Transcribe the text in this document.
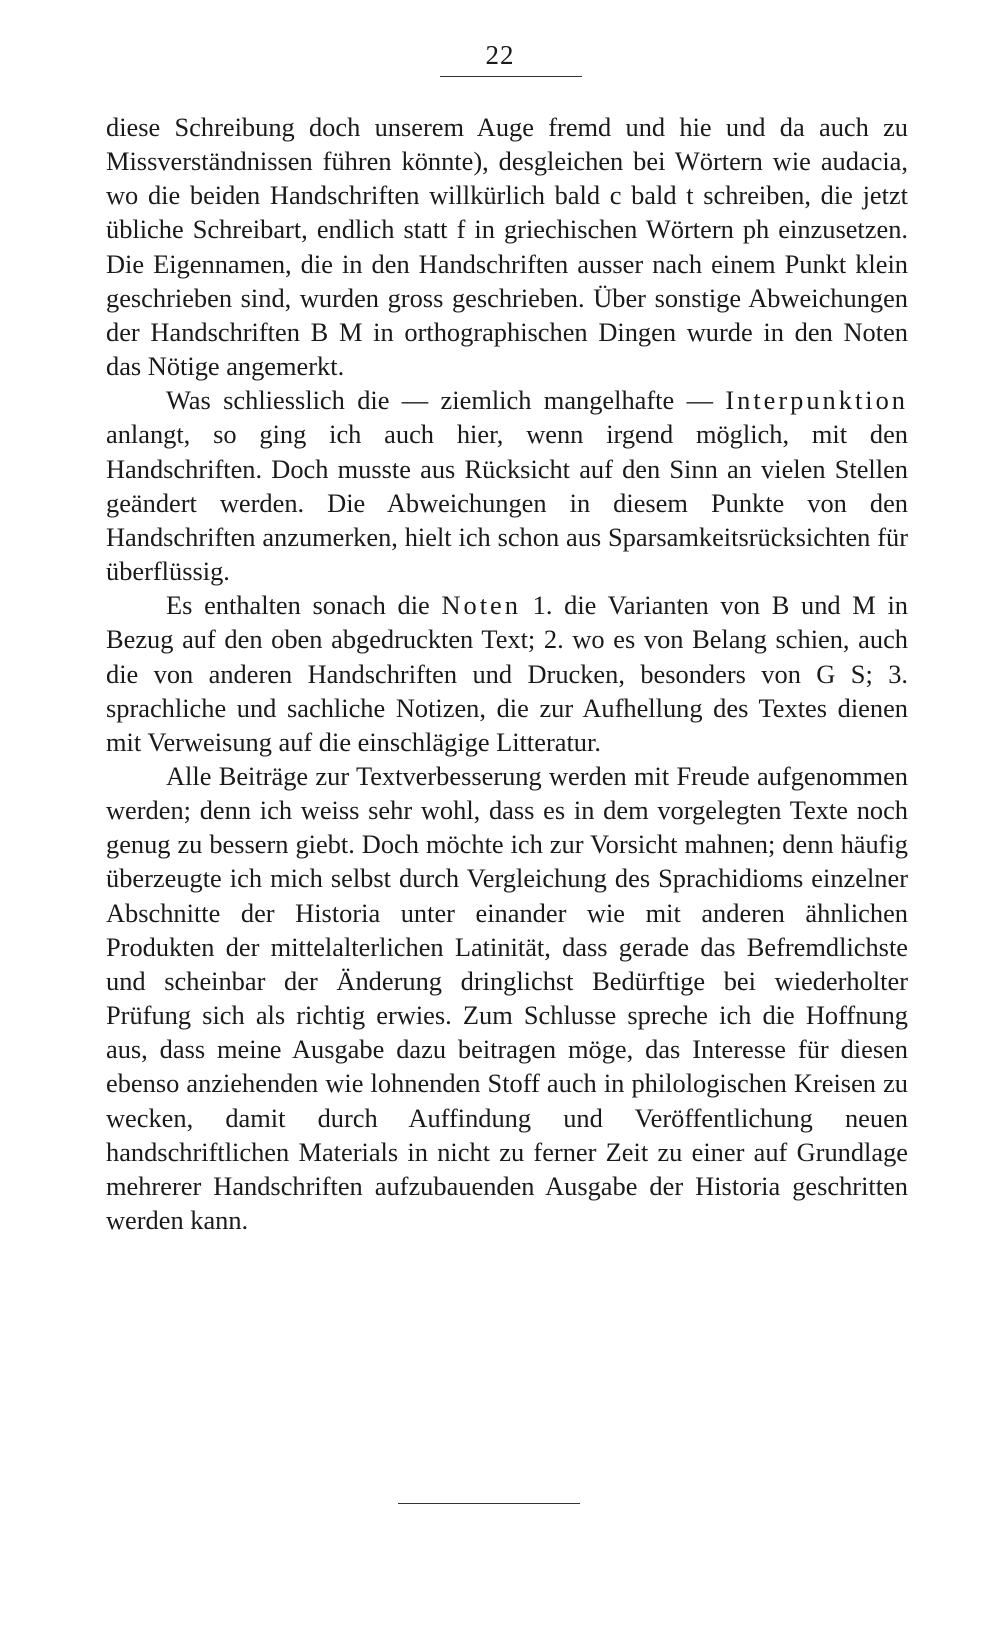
22

diese Schreibung doch unserem Auge fremd und hie und da auch zu Missverständnissen führen könnte), desgleichen bei Wörtern wie audacia, wo die beiden Handschriften willkürlich bald c bald t schreiben, die jetzt übliche Schreibart, endlich statt f in griechischen Wörtern ph einzusetzen. Die Eigennamen, die in den Handschriften ausser nach einem Punkt klein geschrieben sind, wurden gross geschrieben. Über sonstige Abweichungen der Handschriften B M in orthographischen Dingen wurde in den Noten das Nötige angemerkt.

Was schliesslich die — ziemlich mangelhafte — Interpunktion anlangt, so ging ich auch hier, wenn irgend möglich, mit den Handschriften. Doch musste aus Rücksicht auf den Sinn an vielen Stellen geändert werden. Die Abweichungen in diesem Punkte von den Handschriften anzumerken, hielt ich schon aus Sparsamkeitsrücksichten für überflüssig.

Es enthalten sonach die Noten 1. die Varianten von B und M in Bezug auf den oben abgedruckten Text; 2. wo es von Belang schien, auch die von anderen Handschriften und Drucken, besonders von G S; 3. sprachliche und sachliche Notizen, die zur Aufhellung des Textes dienen mit Verweisung auf die einschlägige Litteratur.

Alle Beiträge zur Textverbesserung werden mit Freude aufgenommen werden; denn ich weiss sehr wohl, dass es in dem vorgelegten Texte noch genug zu bessern giebt. Doch möchte ich zur Vorsicht mahnen; denn häufig überzeugte ich mich selbst durch Vergleichung des Sprachidioms einzelner Abschnitte der Historia unter einander wie mit anderen ähnlichen Produkten der mittelalterlichen Latinität, dass gerade das Befremdlichste und scheinbar der Änderung dringlichst Bedürftige bei wiederholter Prüfung sich als richtig erwies. Zum Schlusse spreche ich die Hoffnung aus, dass meine Ausgabe dazu beitragen möge, das Interesse für diesen ebenso anziehenden wie lohnenden Stoff auch in philologischen Kreisen zu wecken, damit durch Auffindung und Veröffentlichung neuen handschriftlichen Materials in nicht zu ferner Zeit zu einer auf Grundlage mehrerer Handschriften aufzubauenden Ausgabe der Historia geschritten werden kann.
